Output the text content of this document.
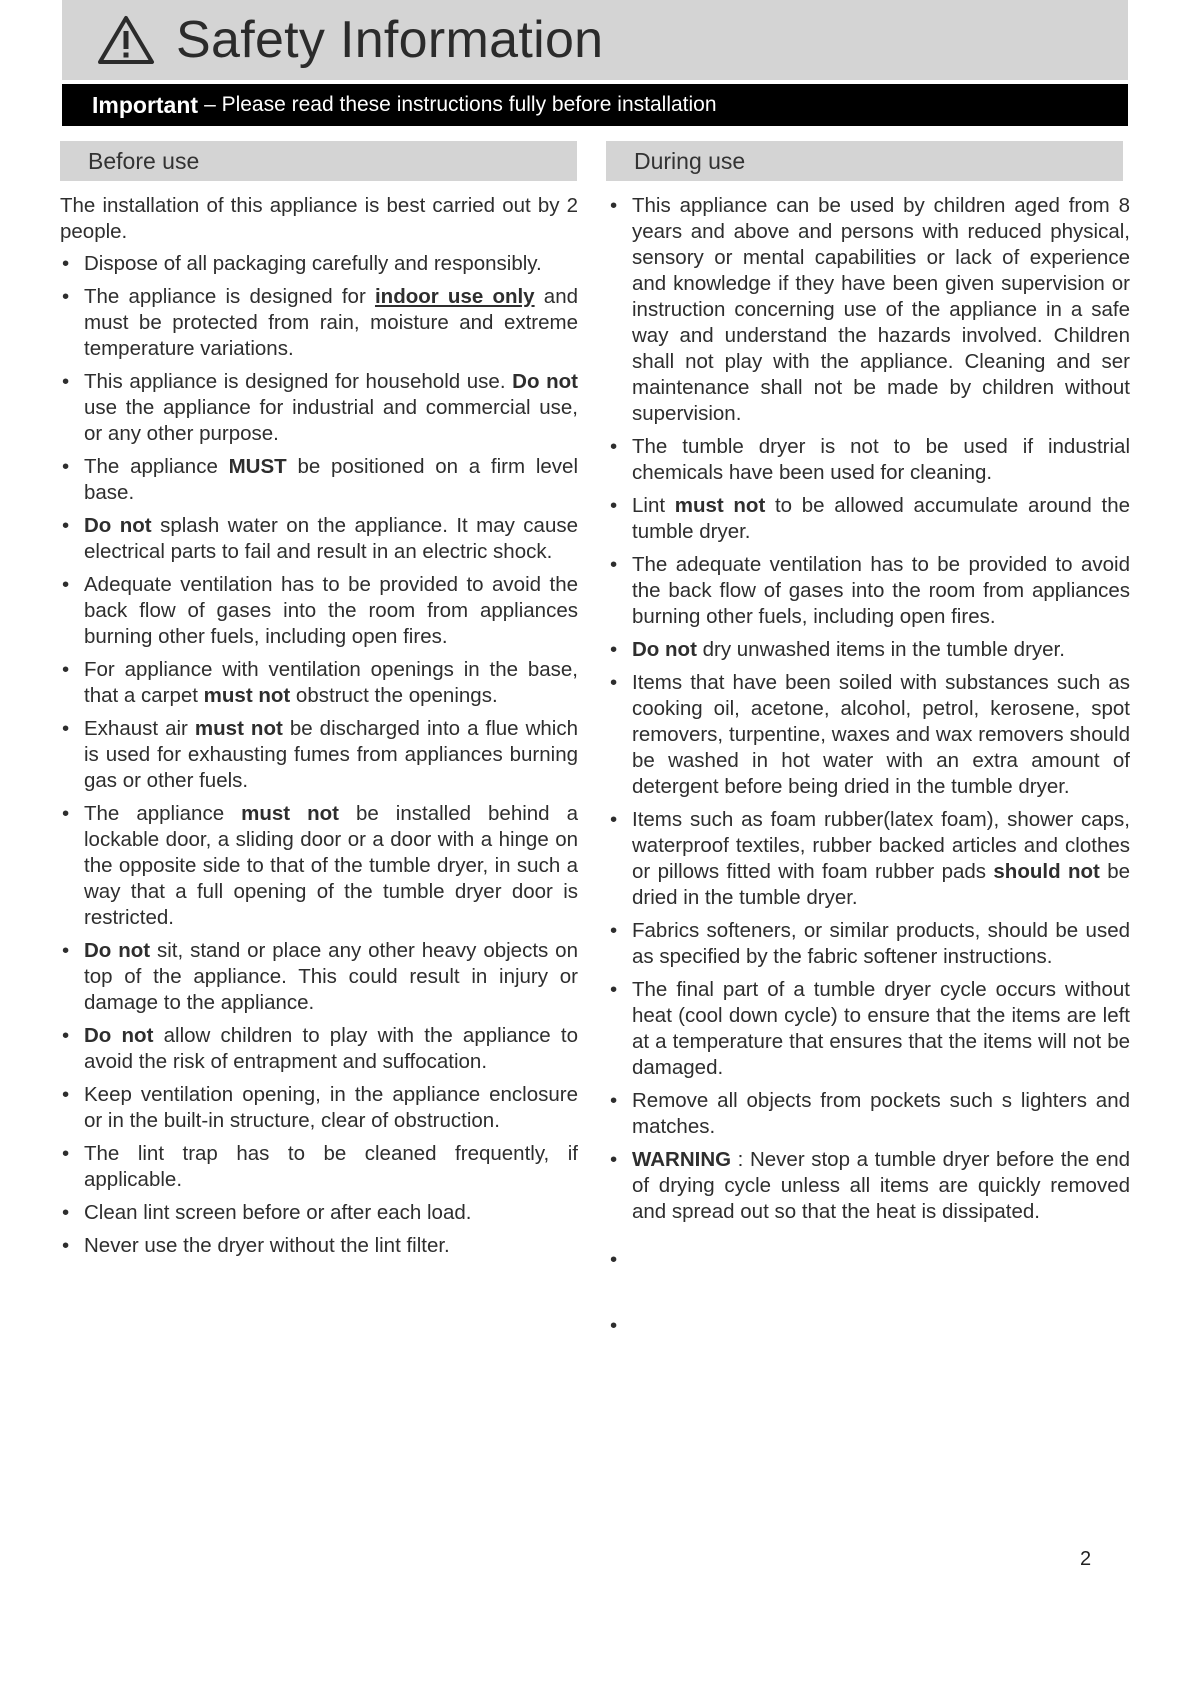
Safety Information
Important – Please read these instructions fully before installation
Before use	During use

The installation of this appliance is best carried out by 2 people.

• Dispose of all packaging carefully and responsibly.
• The appliance is designed for indoor use only and must be protected from rain, moisture and extreme temperature variations.
• This appliance is designed for household use. Do not use the appliance for industrial and commercial use, or any other purpose.
• The appliance MUST be positioned on a firm level base.
• Do not splash water on the appliance. It may cause electrical parts to fail and result in an electric shock.
• Adequate ventilation has to be provided to avoid the back flow of gases into the room from appliances burning other fuels, including open fires.
• For appliance with ventilation openings in the base, that a carpet must not obstruct the openings.
• Exhaust air must not be discharged into a flue which is used for exhausting fumes from appliances burning gas or other fuels.
• The appliance must not be installed behind a lockable door, a sliding door or a door with a hinge on the opposite side to that of the tumble dryer, in such a way that a full opening of the tumble dryer door is restricted.
• Do not sit, stand or place any other heavy objects on top of the appliance. This could result in injury or damage to the appliance.
• Do not allow children to play with the appliance to avoid the risk of entrapment and suffocation.
• Keep ventilation opening, in the appliance enclosure or in the built-in structure, clear of obstruction.
• The lint trap has to be cleaned frequently, if applicable.
• Clean lint screen before or after each load.
• Never use the dryer without the lint filter.
• This appliance can be used by children aged from 8 years and above and persons with reduced physical, sensory or mental capabilities or lack of experience and knowledge if they have been given supervision or instruction concerning use of the appliance in a safe way and understand the hazards involved. Children shall not play with the appliance. Cleaning and ser maintenance shall not be made by children without supervision.
• The tumble dryer is not to be used if industrial chemicals have been used for cleaning.
• Lint must not to be allowed accumulate around the tumble dryer.
• The adequate ventilation has to be provided to avoid the back flow of gases into the room from appliances burning other fuels, including open fires.
• Do not dry unwashed items in the tumble dryer.
• Items that have been soiled with substances such as cooking oil, acetone, alcohol, petrol, kerosene, spot removers, turpentine, waxes and wax removers should be washed in hot water with an extra amount of detergent before being dried in the tumble dryer.
• Items such as foam rubber(latex foam), shower caps, waterproof textiles, rubber backed articles and clothes or pillows fitted with foam rubber pads should not be dried in the tumble dryer.
• Fabrics softeners, or similar products, should be used as specified by the fabric softener instructions.
• The final part of a tumble dryer cycle occurs without heat (cool down cycle) to ensure that the items are left at a temperature that ensures that the items will not be damaged.
• Remove all objects from pockets such s lighters and matches.
• WARNING : Never stop a tumble dryer before the end of drying cycle unless all items are quickly removed and spread out so that the heat is dissipated.
•
•
2
